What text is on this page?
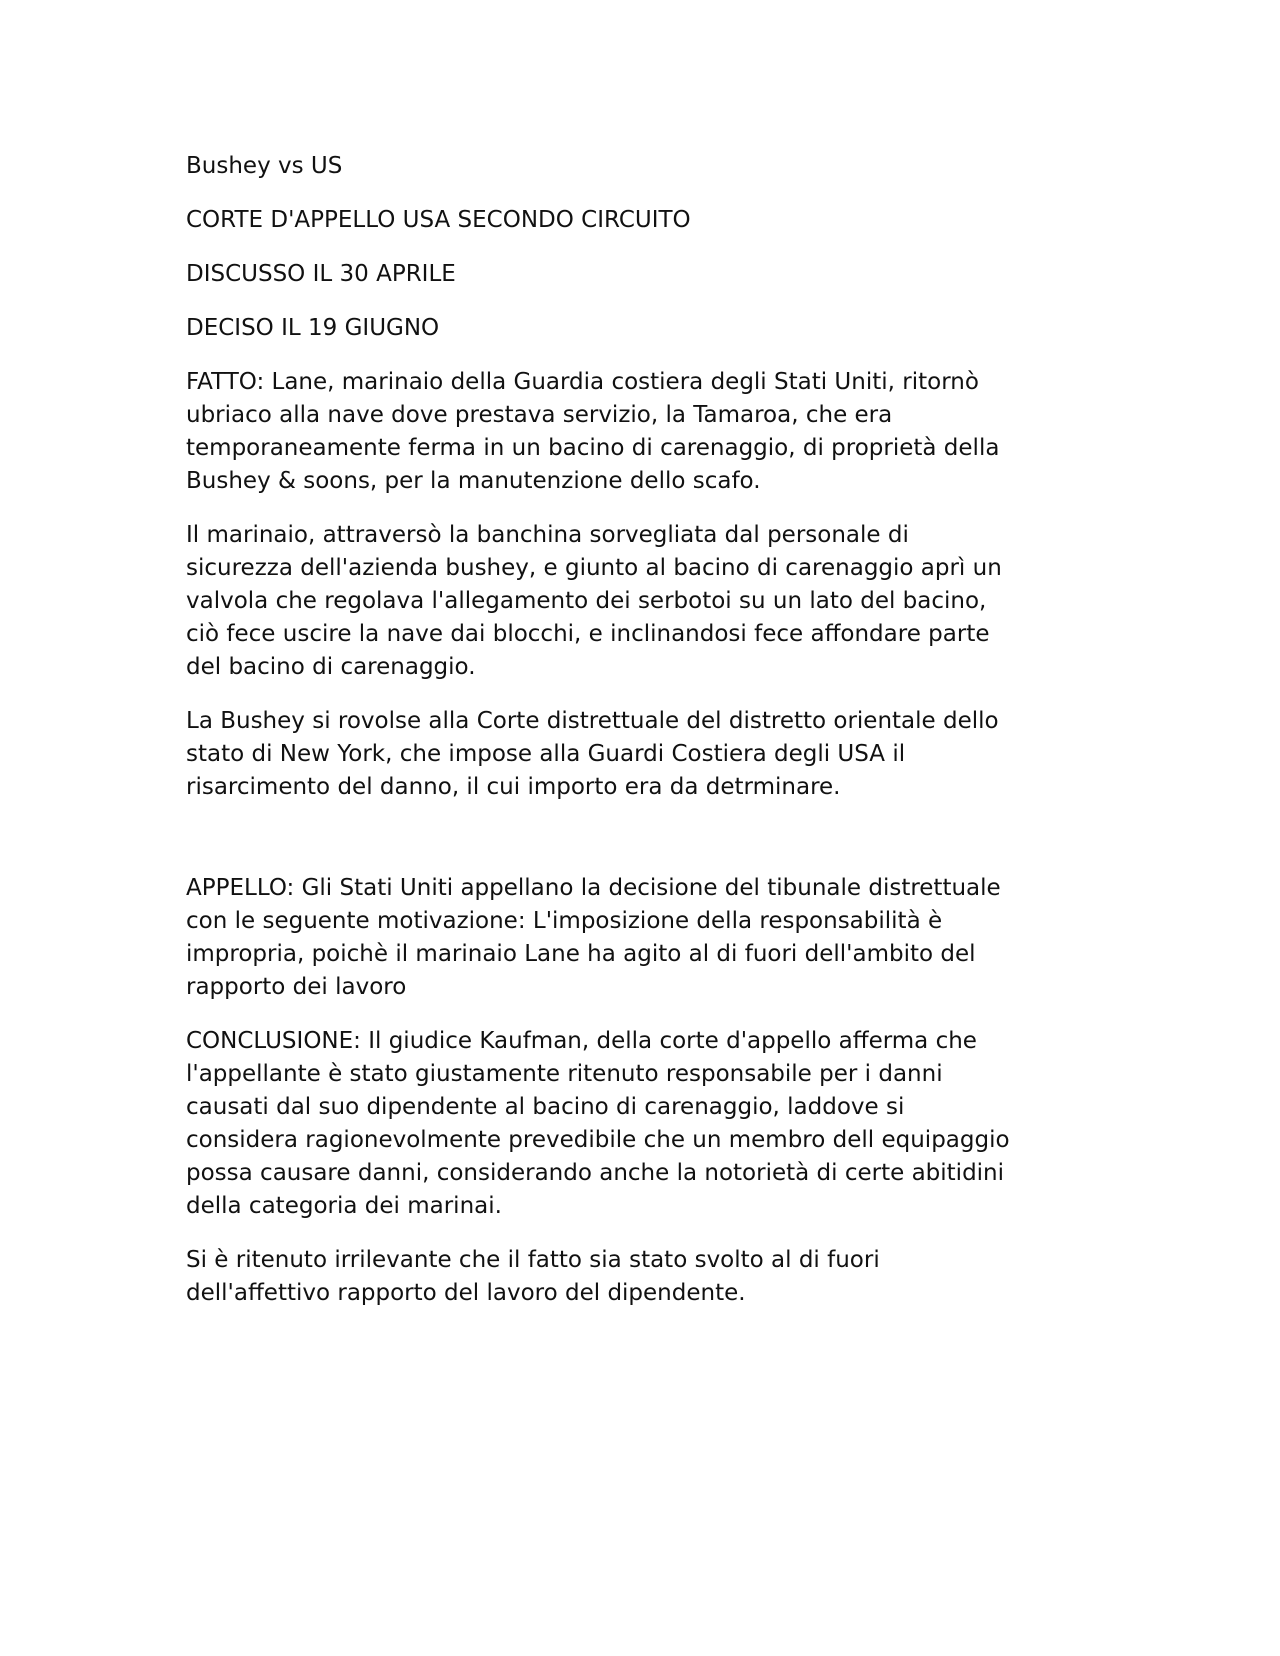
Bushey vs US

CORTE D'APPELLO USA SECONDO CIRCUITO

DISCUSSO IL 30 APRILE

DECISO IL 19 GIUGNO

FATTO: Lane, marinaio della Guardia costiera degli Stati Uniti, ritornò
ubriaco alla nave dove prestava servizio, la Tamaroa, che era
temporaneamente ferma in un bacino di carenaggio, di proprietà della
Bushey & soons, per la manutenzione dello scafo.

Il marinaio, attraversò la banchina sorvegliata dal personale di
sicurezza dell'azienda bushey, e giunto al bacino di carenaggio aprì un
valvola che regolava l'allegamento dei serbotoi su un lato del bacino,
ciò fece uscire la nave dai blocchi, e inclinandosi fece affondare parte
del bacino di carenaggio.

La Bushey si rovolse alla Corte distrettuale del distretto orientale dello
stato di New York, che impose alla Guardi Costiera degli USA il
risarcimento del danno, il cui importo era da detrminare.

APPELLO: Gli Stati Uniti appellano la decisione del tibunale distrettuale
con le seguente motivazione: L'imposizione della responsabilità è
impropria, poichè il marinaio Lane ha agito al di fuori dell'ambito del
rapporto dei lavoro

CONCLUSIONE: Il giudice Kaufman, della corte d'appello afferma che
l'appellante è stato giustamente ritenuto responsabile per i danni
causati dal suo dipendente al bacino di carenaggio, laddove si
considera ragionevolmente prevedibile che un membro dell equipaggio
possa causare danni, considerando anche la notorietà di certe abitidini
della categoria dei marinai.

Si è ritenuto irrilevante che il fatto sia stato svolto al di fuori
dell'affettivo rapporto del lavoro del dipendente.
